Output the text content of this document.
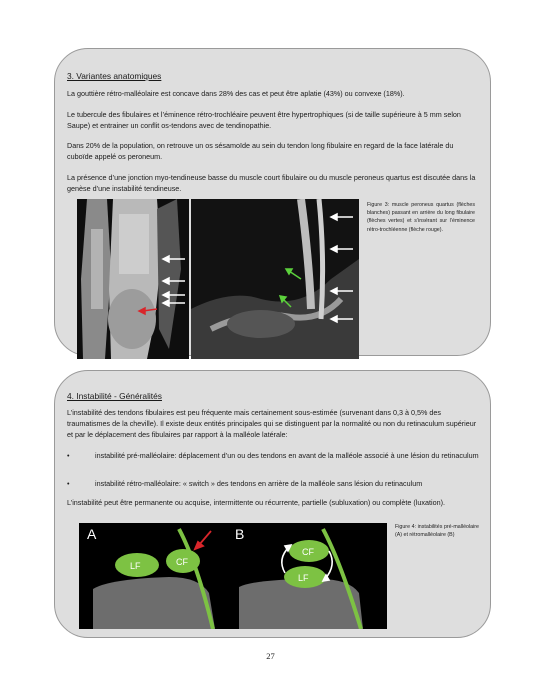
3. Variantes anatomiques

La gouttière rétro-malléolaire est concave dans 28% des cas et peut être aplatie (43%) ou convexe (18%).

Le tubercule des fibulaires et l’éminence rétro-trochléaire peuvent être hypertrophiques (si de taille supérieure à 5 mm selon Saupe) et entrainer un conflit os-tendons avec de tendinopathie.

Dans 20% de la population, on retrouve un os sésamoïde au sein du tendon long fibulaire en regard de la face latérale du cuboïde appelé os peroneum.

La présence d’une jonction myo-tendineuse basse du muscle court fibulaire ou du muscle peroneus quartus est discutée dans la genèse d’une instabilité tendineuse.

Figure 3: muscle peroneus quartus (flèches blanches) passant en arrière du long fibulaire (flèches vertes) et s’insérant sur l’éminence rétro-trochléenne (flèche rouge).
4. Instabilité - Généralités

L’instabilité des tendons fibulaires est peu fréquente mais certainement sous-estimée (survenant dans 0,3 à 0,5% des traumatismes de la cheville). Il existe deux entités principales qui se distinguent par la normalité ou non du retinaculum supérieur et par le déplacement des fibulaires par rapport à la malléole latérale:

•	instabilité pré-malléolaire: déplacement d’un ou des tendons en avant de la malléole associé à une lésion du retinaculum
•	instabilité rétro-malléolaire: « switch » des tendons en arrière de la malléole sans lésion du retinaculum

L’instabilité peut être permanente ou acquise, intermittente ou récurrente, partielle (subluxation) ou complète (luxation).

A
LF	CF
B
CF
LF
Figure 4: instabilités pré-malléolaire (A) et rétromalléolaire (B)
27
